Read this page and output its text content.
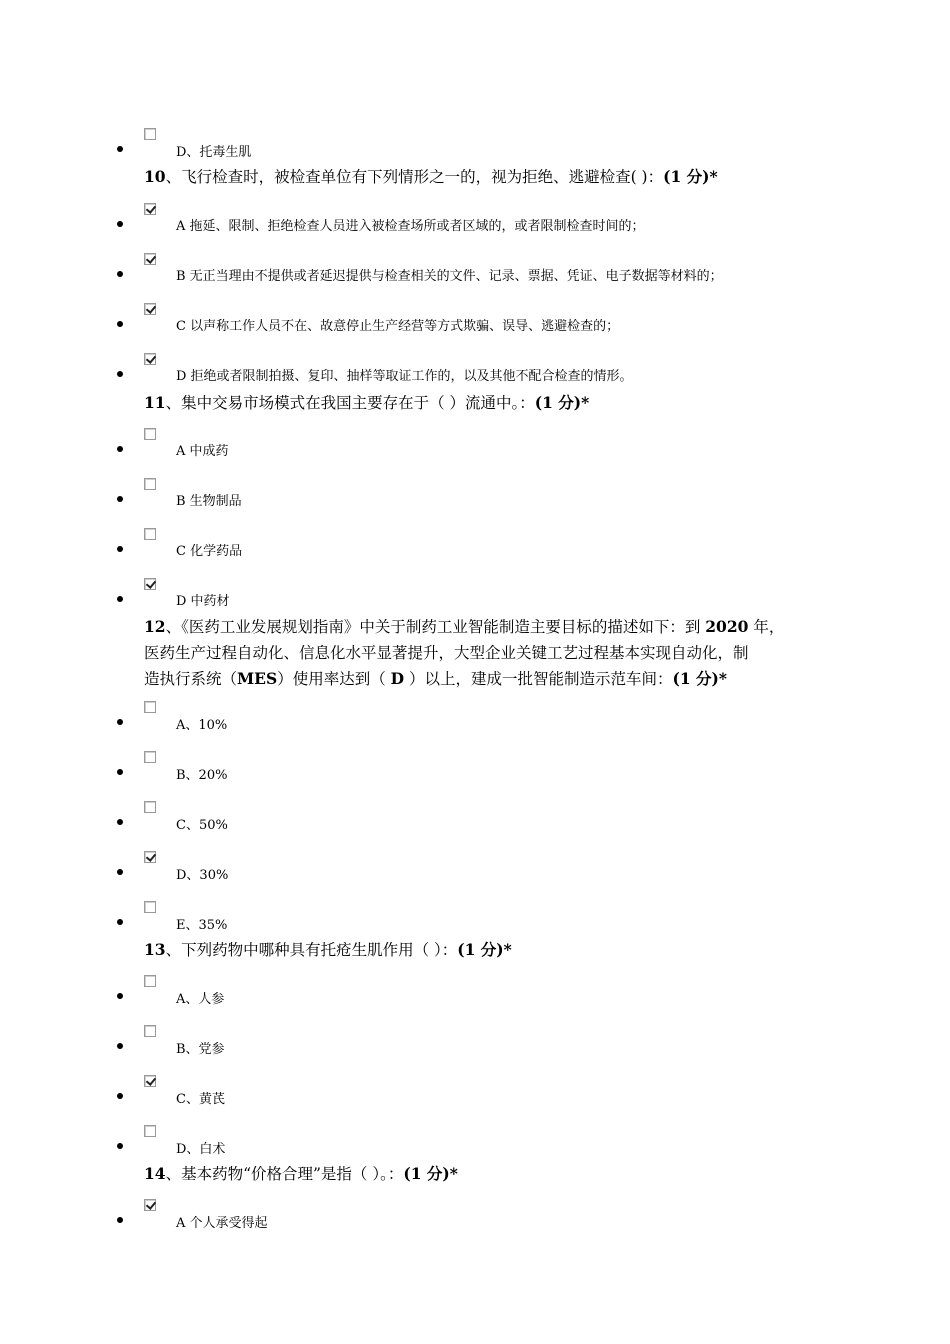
D、托毒生肌
10、飞行检查时，被检查单位有下列情形之一的，视为拒绝、逃避检查( )：(1 分)*
A 拖延、限制、拒绝检查人员进入被检查场所或者区域的，或者限制检查时间的；
B 无正当理由不提供或者延迟提供与检查相关的文件、记录、票据、凭证、电子数据等材料的；
C 以声称工作人员不在、故意停止生产经营等方式欺骗、误导、逃避检查的；
D 拒绝或者限制拍摄、复印、抽样等取证工作的，以及其他不配合检查的情形。
11、集中交易市场模式在我国主要存在于（ ）流通中。：(1 分)*
A 中成药
B 生物制品
C 化学药品
D 中药材
12、《医药工业发展规划指南》中关于制药工业智能制造主要目标的描述如下：到 2020 年，
医药生产过程自动化、信息化水平显著提升，大型企业关键工艺过程基本实现自动化，制
造执行系统（MES）使用率达到（ D ）以上，建成一批智能制造示范车间：(1 分)*
A、10%
B、20%
C、50%
D、30%
E、35%
13、下列药物中哪种具有托疮生肌作用（ ）：(1 分)*
A、人参
B、党参
C、黄芪
D、白术
14、基本药物“价格合理”是指（ ）。：(1 分)*
A 个人承受得起
